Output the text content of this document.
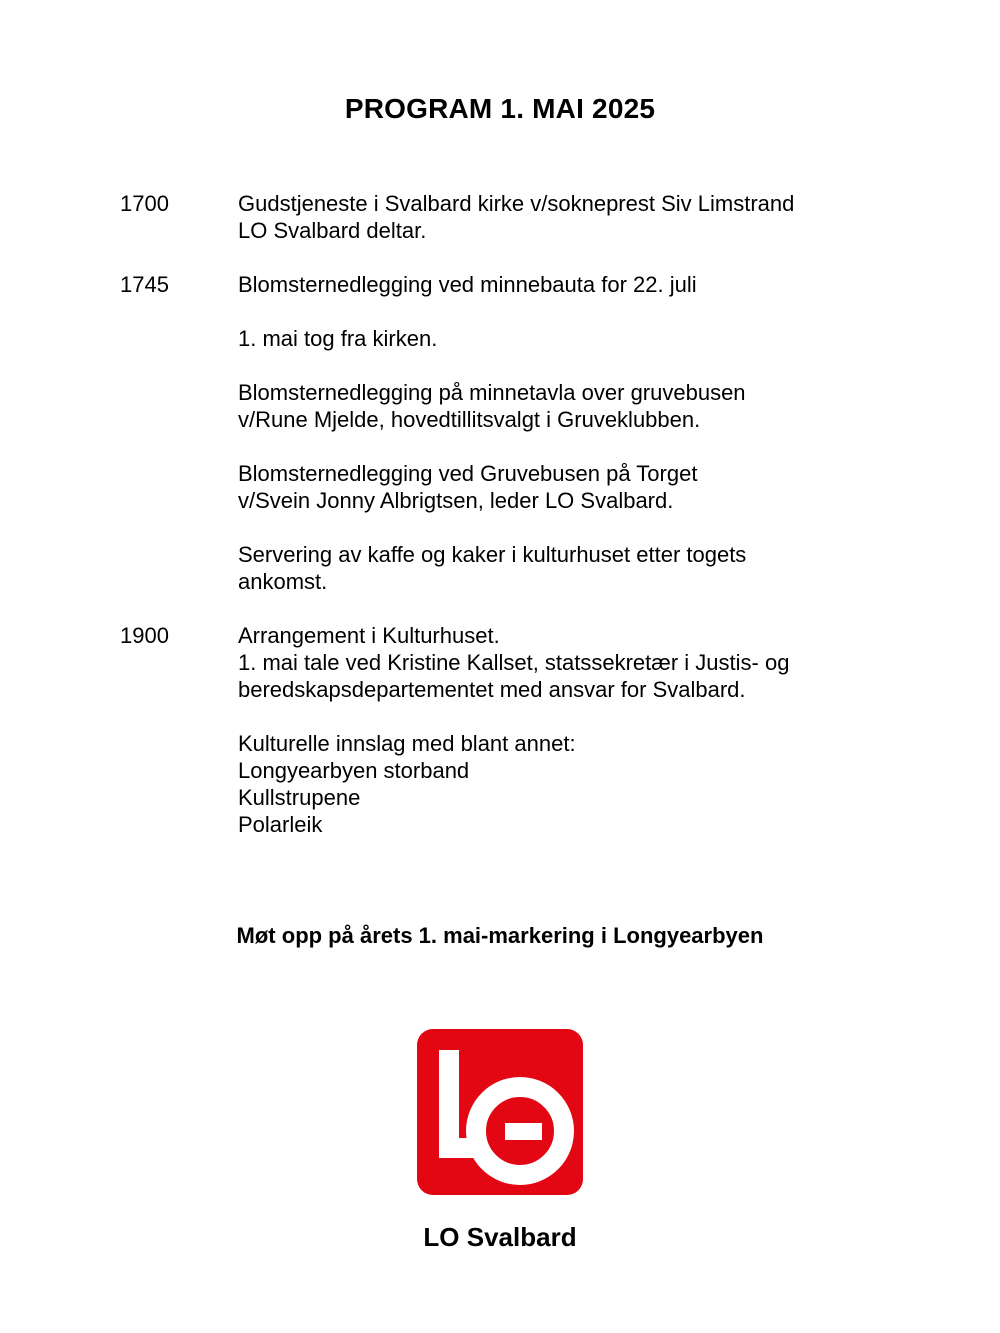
PROGRAM 1. MAI 2025
1700	Gudstjeneste i Svalbard kirke v/sokneprest Siv Limstrand
LO Svalbard deltar.
1745	Blomsternedlegging ved minnebauta for 22. juli
1. mai tog fra kirken.
Blomsternedlegging på minnetavla over gruvebusen
v/Rune Mjelde, hovedtillitsvalgt i Gruveklubben.
Blomsternedlegging ved Gruvebusen på Torget
v/Svein Jonny Albrigtsen, leder LO Svalbard.
Servering av kaffe og kaker i kulturhuset etter togets
ankomst.
1900	Arrangement i Kulturhuset.
1. mai tale ved Kristine Kallset, statssekretær i Justis- og
beredskapsdepartementet med ansvar for Svalbard.
Kulturelle innslag med blant annet:
Longyearbyen storband
Kullstrupene
Polarleik
Møt opp på årets 1. mai-markering i Longyearbyen
LO Svalbard
